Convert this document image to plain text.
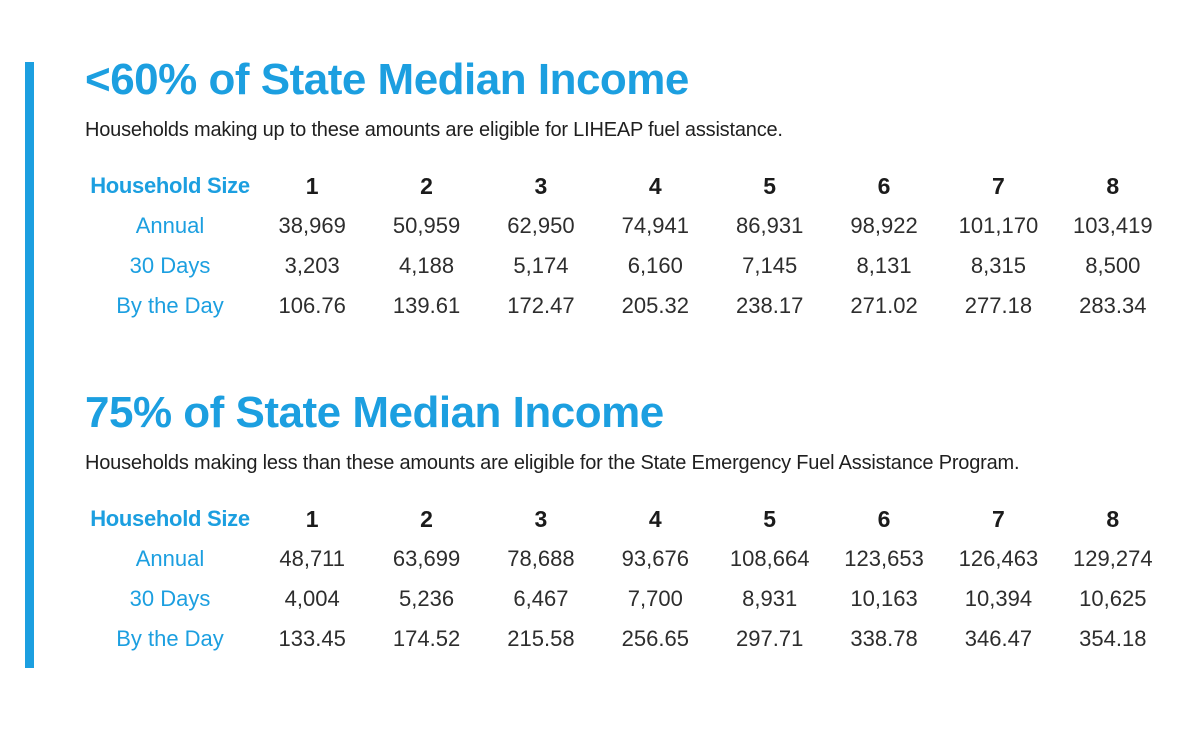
<60% of State Median Income

Households making up to these amounts are eligible for LIHEAP fuel assistance.

Household Size	1	2	3	4	5	6	7	8
Annual	38,969	50,959	62,950	74,941	86,931	98,922	101,170	103,419
30 Days	3,203	4,188	5,174	6,160	7,145	8,131	8,315	8,500
By the Day	106.76	139.61	172.47	205.32	238.17	271.02	277.18	283.34
75% of State Median Income

Households making less than these amounts are eligible for the State Emergency Fuel Assistance Program.

Household Size	1	2	3	4	5	6	7	8
Annual	48,711	63,699	78,688	93,676	108,664	123,653	126,463	129,274
30 Days	4,004	5,236	6,467	7,700	8,931	10,163	10,394	10,625
By the Day	133.45	174.52	215.58	256.65	297.71	338.78	346.47	354.18
